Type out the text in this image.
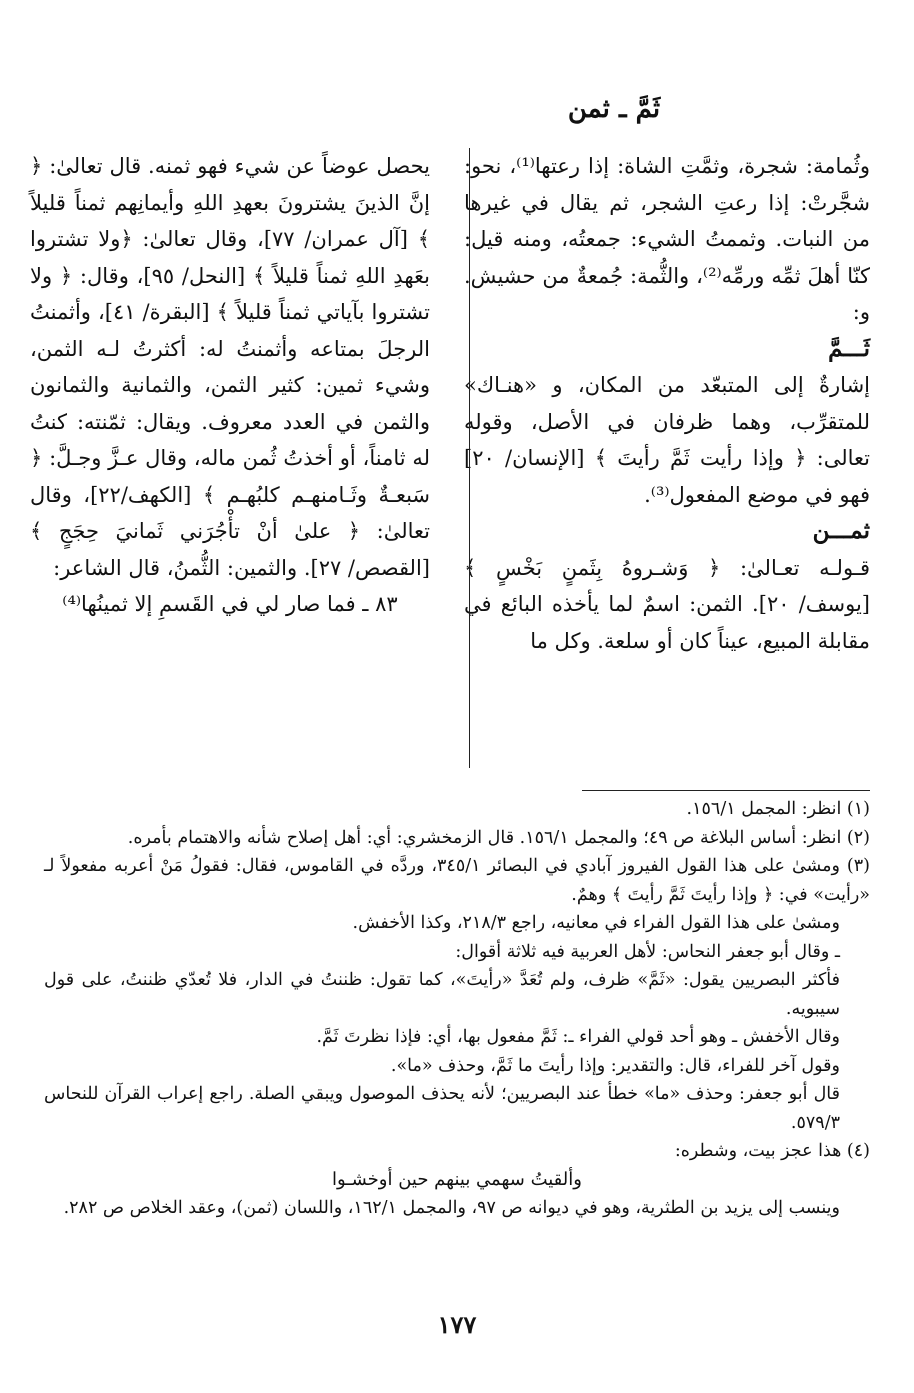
ثَمَّ ـ ثمن

وثُمامة: شجرة، وثمَّتِ الشاة: إذا رعتها⁽¹⁾، نحو: شجَّرتْ: إذا رعتِ الشجر، ثم يقال في غيرها من النبات. وثممتُ الشيء: جمعتُه، ومنه قيل: كنّا أهلَ ثمِّه ورمِّه⁽²⁾، والثُّمة: جُمعةٌ من حشيش. و:

ثَـــمَّ

إشارةٌ إلى المتبعّد من المكان، و «هنـاك» للمتقرِّب، وهما ظرفان في الأصل، وقوله تعالى: ﴿ وإذا رأيت ثَمَّ رأيتَ ﴾ [الإنسان/ ٢٠] فهو في موضع المفعول⁽³⁾.

ثمـــن

قـولـه تعـالىٰ: ﴿ وَشـروهُ بِثَمنٍ بَخْسٍ ﴾ [يوسف/ ٢٠]. الثمن: اسمٌ لما يأخذه البائع في مقابلة المبيع، عيناً كان أو سلعة. وكل ما

يحصل عوضاً عن شيء فهو ثمنه. قال تعالىٰ: ﴿ إنَّ الذينَ يشترونَ بعهدِ اللهِ وأيمانِهم ثمناً قليلاً ﴾ [آل عمران/ ٧٧]، وقال تعالىٰ: ﴿ولا تشتروا بعَهدِ اللهِ ثمناً قليلاً ﴾ [النحل/ ٩٥]، وقال: ﴿ ولا تشتروا بآياتي ثمناً قليلاً ﴾ [البقرة/ ٤١]، وأثمنتُ الرجلَ بمتاعه وأثمنتُ له: أكثرتُ لـه الثمن، وشيء ثمين: كثير الثمن، والثمانية والثمانون والثمن في العدد معروف. ويقال: ثمّنته: كنتُ له ثامناً، أو أخذتُ ثُمن ماله، وقال عـزَّ وجـلَّ: ﴿ سَبعـةٌ وثَـامنهـم كلبُهـم ﴾ [الكهف/٢٢]، وقال تعالىٰ: ﴿ علىٰ أنْ تأْجُرَني ثَمانيَ حِجَجٍ ﴾ [القصص/ ٢٧]. والثمين: الثُّمنُ، قال الشاعر:

٨٣ ـ فما صار لي في القَسمِ إلا ثمينُها⁽⁴⁾

(١) انظر: المجمل ١٥٦/١.

(٢) انظر: أساس البلاغة ص ٤٩؛ والمجمل ١٥٦/١. قال الزمخشري: أي: أهل إصلاح شأنه والاهتمام بأمره.

(٣) ومشىٰ على هذا القول الفيروز آبادي في البصائر ٣٤٥/١، وردَّه في القاموس، فقال: فقولُ مَنْ أعربه مفعولاً لـ «رأيت» في: ﴿ وإذا رأيتَ ثَمَّ رأيتَ ﴾ وهمٌ.

ومشىٰ على هذا القول الفراء في معانيه، راجع ٢١٨/٣، وكذا الأخفش.

ـ وقال أبو جعفر النحاس: لأهل العربية فيه ثلاثة أقوال:

فأكثر البصريين يقول: «ثَمَّ» ظرف، ولم تُعَدَّ «رأيتَ»، كما تقول: ظننتُ في الدار، فلا تُعدّي ظننتُ، على قول سيبويه.

وقال الأخفش ـ وهو أحد قولي الفراء ـ: ثَمَّ مفعول بها، أي: فإذا نظرتَ ثَمَّ.

وقول آخر للفراء، قال: والتقدير: وإذا رأيتَ ما ثَمَّ، وحذف «ما».

قال أبو جعفر: وحذف «ما» خطأ عند البصريين؛ لأنه يحذف الموصول ويبقي الصلة. راجع إعراب القرآن للنحاس ٥٧٩/٣.

(٤) هذا عجز بيت، وشطره:

وألقيتُ سهمي بينهم حين أوخشـوا

وينسب إلى يزيد بن الطثرية، وهو في ديوانه ص ٩٧، والمجمل ١٦٢/١، واللسان (ثمن)، وعقد الخلاص ص ٢٨٢.

١٧٧
